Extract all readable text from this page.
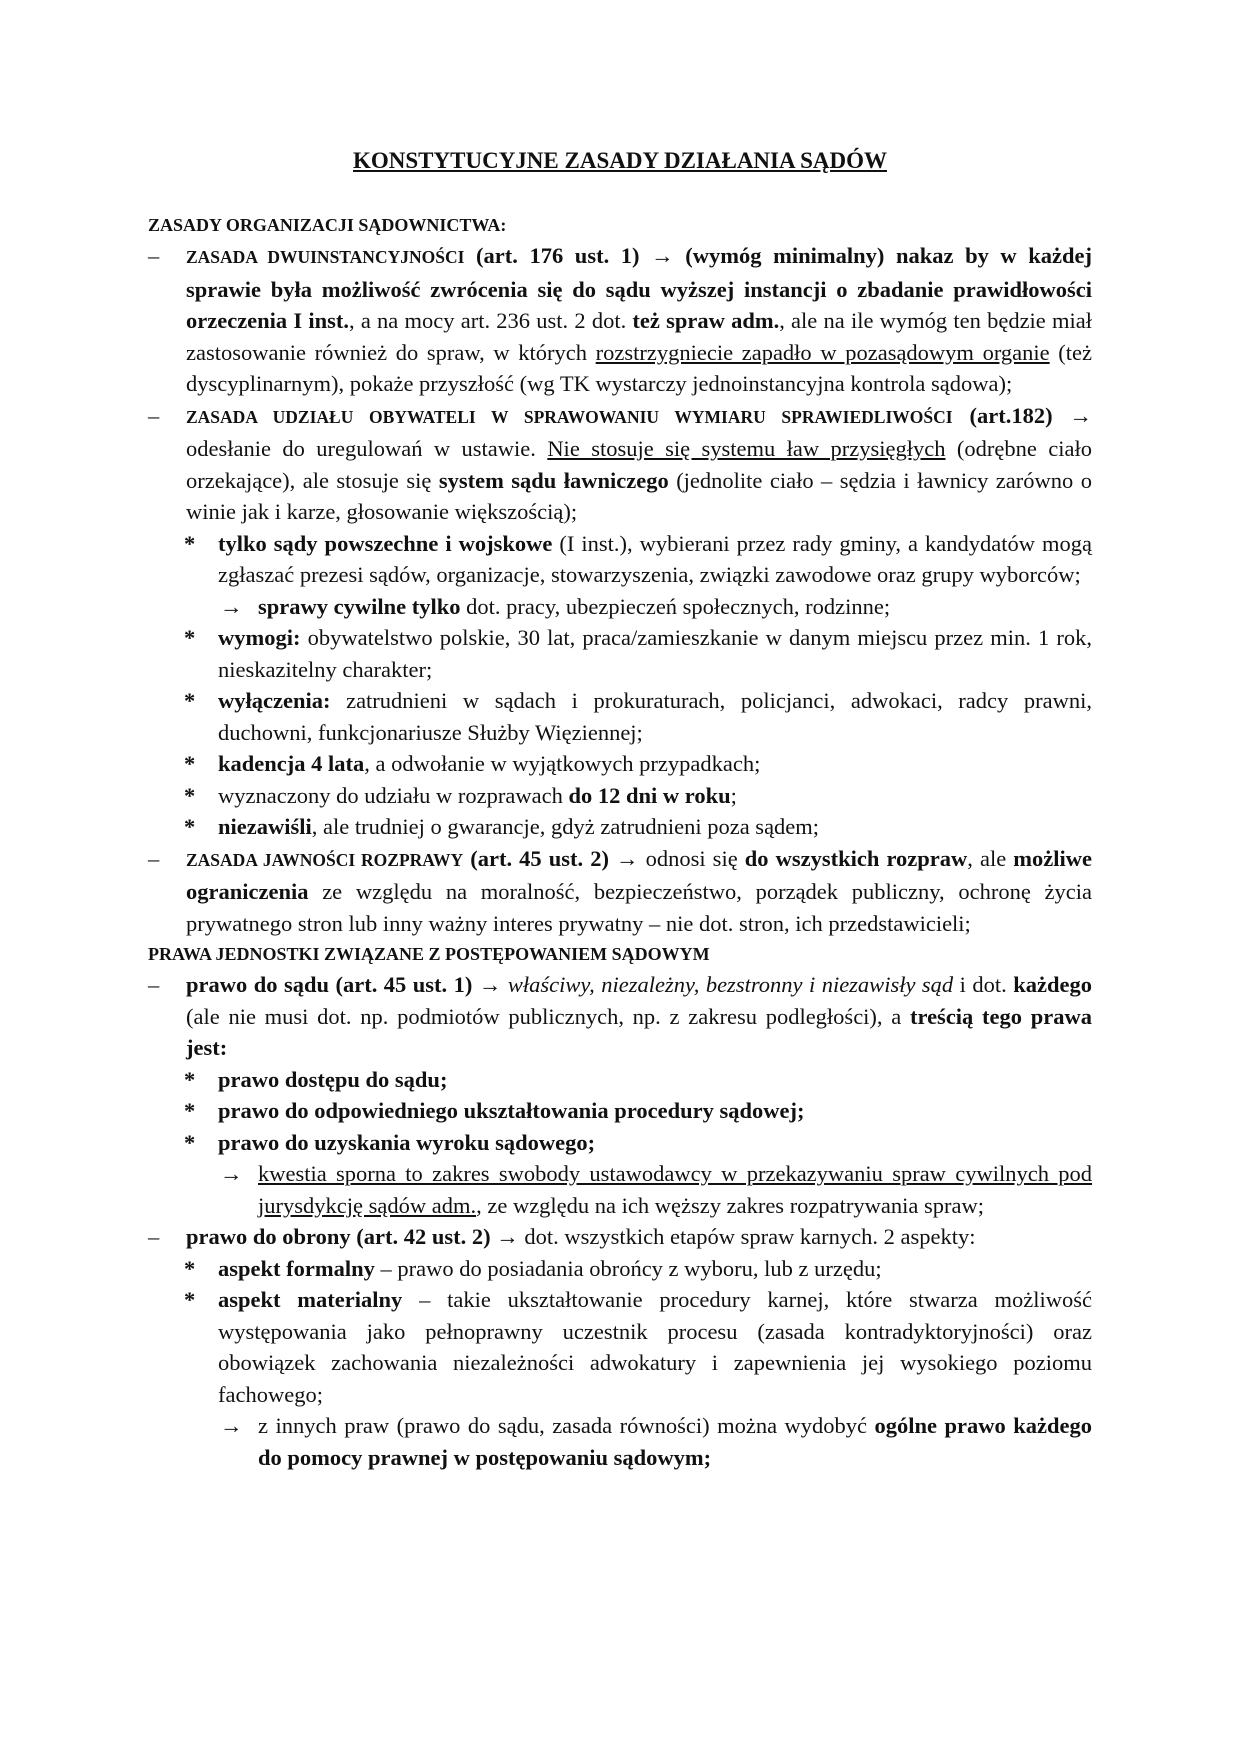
KONSTYTUCYJNE ZASADY DZIAŁANIA SĄDÓW
ZASADY ORGANIZACJI SĄDOWNICTWA:
– ZASADA DWUINSTANCYJNOŚCI (art. 176 ust. 1) → (wymóg minimalny) nakaz by w każdej sprawie była możliwość zwrócenia się do sądu wyższej instancji o zbadanie prawidłowości orzeczenia I inst., a na mocy art. 236 ust. 2 dot. też spraw adm., ale na ile wymóg ten będzie miał zastosowanie również do spraw, w których rozstrzygniecie zapadło w pozasądowym organie (też dyscyplinarnym), pokaże przyszłość (wg TK wystarczy jednoinstancyjna kontrola sądowa);
– ZASADA UDZIAŁU OBYWATELI W SPRAWOWANIU WYMIARU SPRAWIEDLIWOŚCI (art.182) → odesłanie do uregulowań w ustawie. Nie stosuje się systemu ław przysięgłych (odrębne ciało orzekające), ale stosuje się system sądu ławniczego (jednolite ciało – sędzia i ławnicy zarówno o winie jak i karze, głosowanie większością);
* tylko sądy powszechne i wojskowe (I inst.), wybierani przez rady gminy, a kandydatów mogą zgłaszać prezesi sądów, organizacje, stowarzyszenia, związki zawodowe oraz grupy wyborców;
→ sprawy cywilne tylko dot. pracy, ubezpieczeń społecznych, rodzinne;
* wymogi: obywatelstwo polskie, 30 lat, praca/zamieszkanie w danym miejscu przez min. 1 rok, nieskazitelny charakter;
* wyłączenia: zatrudnieni w sądach i prokuraturach, policjanci, adwokaci, radcy prawni, duchowni, funkcjonariusze Służby Więziennej;
* kadencja 4 lata, a odwołanie w wyjątkowych przypadkach;
* wyznaczony do udziału w rozprawach do 12 dni w roku;
* niezawiśli, ale trudniej o gwarancje, gdyż zatrudnieni poza sądem;
– ZASADA JAWNOŚCI ROZPRAWY (art. 45 ust. 2) → odnosi się do wszystkich rozpraw, ale możliwe ograniczenia ze względu na moralność, bezpieczeństwo, porządek publiczny, ochronę życia prywatnego stron lub inny ważny interes prywatny – nie dot. stron, ich przedstawicieli;
PRAWA JEDNOSTKI ZWIĄZANE Z POSTĘPOWANIEM SĄDOWYM
– prawo do sądu (art. 45 ust. 1) → właściwy, niezależny, bezstronny i niezawisły sąd i dot. każdego (ale nie musi dot. np. podmiotów publicznych, np. z zakresu podległości), a treścią tego prawa jest:
* prawo dostępu do sądu;
* prawo do odpowiedniego ukształtowania procedury sądowej;
* prawo do uzyskania wyroku sądowego;
→ kwestia sporna to zakres swobody ustawodawcy w przekazywaniu spraw cywilnych pod jurysdykcję sądów adm., ze względu na ich węższy zakres rozpatrywania spraw;
– prawo do obrony (art. 42 ust. 2) → dot. wszystkich etapów spraw karnych. 2 aspekty:
* aspekt formalny – prawo do posiadania obrońcy z wyboru, lub z urzędu;
* aspekt materialny – takie ukształtowanie procedury karnej, które stwarza możliwość występowania jako pełnoprawny uczestnik procesu (zasada kontradyktoryjności) oraz obowiązek zachowania niezależności adwokatury i zapewnienia jej wysokiego poziomu fachowego;
→ z innych praw (prawo do sądu, zasada równości) można wydobyć ogólne prawo każdego do pomocy prawnej w postępowaniu sądowym;
